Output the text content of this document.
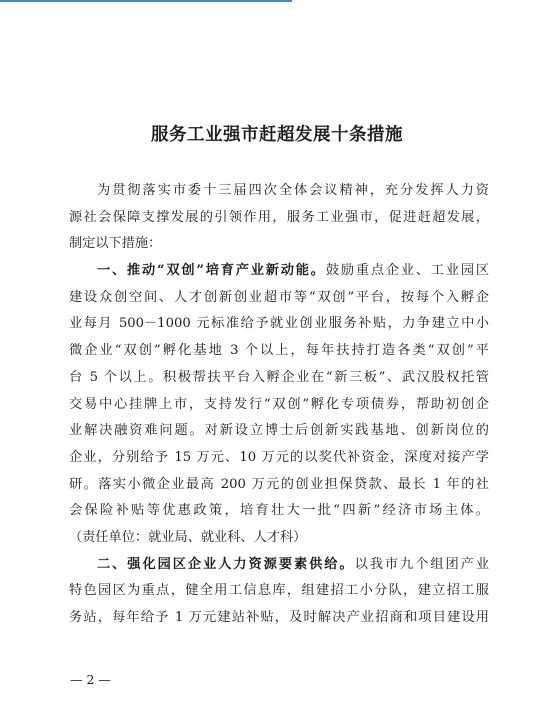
服务工业强市赶超发展十条措施
为贯彻落实市委十三届四次全体会议精神，充分发挥人力资
源社会保障支撑发展的引领作用，服务工业强市，促进赶超发展，
制定以下措施：
一、推动“双创”培育产业新动能。鼓励重点企业、工业园区
建设众创空间、人才创新创业超市等“双创”平台，按每个入孵企
业每月 500－1000 元标准给予就业创业服务补贴，力争建立中小
微企业“双创”孵化基地 3 个以上，每年扶持打造各类“双创”平
台 5 个以上。积极帮扶平台入孵企业在“新三板”、武汉股权托管
交易中心挂牌上市，支持发行“双创”孵化专项债券，帮助初创企
业解决融资难问题。对新设立博士后创新实践基地、创新岗位的
企业，分别给予 15 万元、10 万元的以奖代补资金，深度对接产学
研。落实小微企业最高 200 万元的创业担保贷款、最长 1 年的社
会保险补贴等优惠政策，培育壮大一批“四新”经济市场主体。
（责任单位：就业局、就业科、人才科）
二、强化园区企业人力资源要素供给。以我市九个组团产业
特色园区为重点，健全用工信息库，组建招工小分队，建立招工服
务站，每年给予 1 万元建站补贴，及时解决产业招商和项目建设用
— 2 —
